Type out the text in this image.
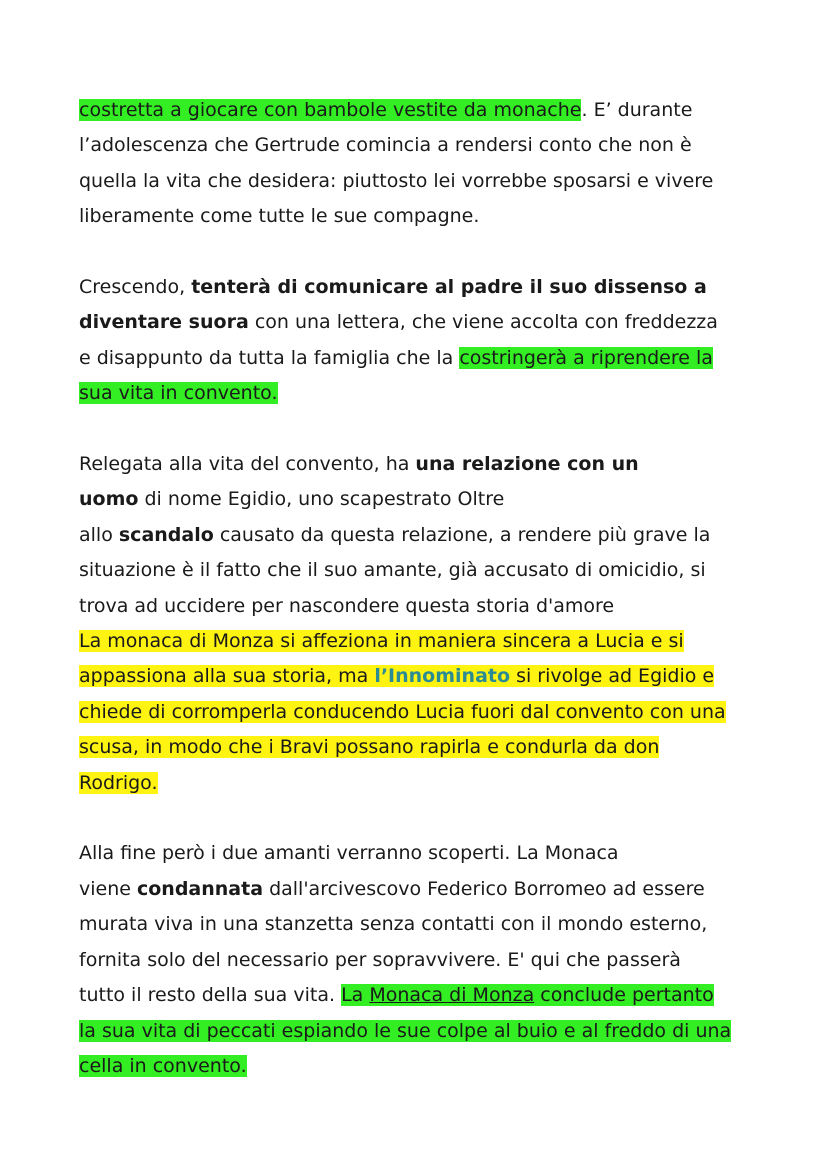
costretta a giocare con bambole vestite da monache. E’ durante
l’adolescenza che Gertrude comincia a rendersi conto che non è
quella la vita che desidera: piuttosto lei vorrebbe sposarsi e vivere
liberamente come tutte le sue compagne.
Crescendo, tenterà di comunicare al padre il suo dissenso a
diventare suora con una lettera, che viene accolta con freddezza
e disappunto da tutta la famiglia che la costringerà a riprendere la
sua vita in convento.
Relegata alla vita del convento, ha una relazione con un
uomo di nome Egidio, uno scapestrato Oltre
allo scandalo causato da questa relazione, a rendere più grave la
situazione è il fatto che il suo amante, già accusato di omicidio, si
trova ad uccidere per nascondere questa storia d'amore
La monaca di Monza si affeziona in maniera sincera a Lucia e si
appassiona alla sua storia, ma l’Innominato si rivolge ad Egidio e
chiede di corromperla conducendo Lucia fuori dal convento con una
scusa, in modo che i Bravi possano rapirla e condurla da don
Rodrigo.
Alla fine però i due amanti verranno scoperti. La Monaca
viene condannata dall'arcivescovo Federico Borromeo ad essere
murata viva in una stanzetta senza contatti con il mondo esterno,
fornita solo del necessario per sopravvivere. E' qui che passerà
tutto il resto della sua vita. La Monaca di Monza conclude pertanto
la sua vita di peccati espiando le sue colpe al buio e al freddo di una
cella in convento.
